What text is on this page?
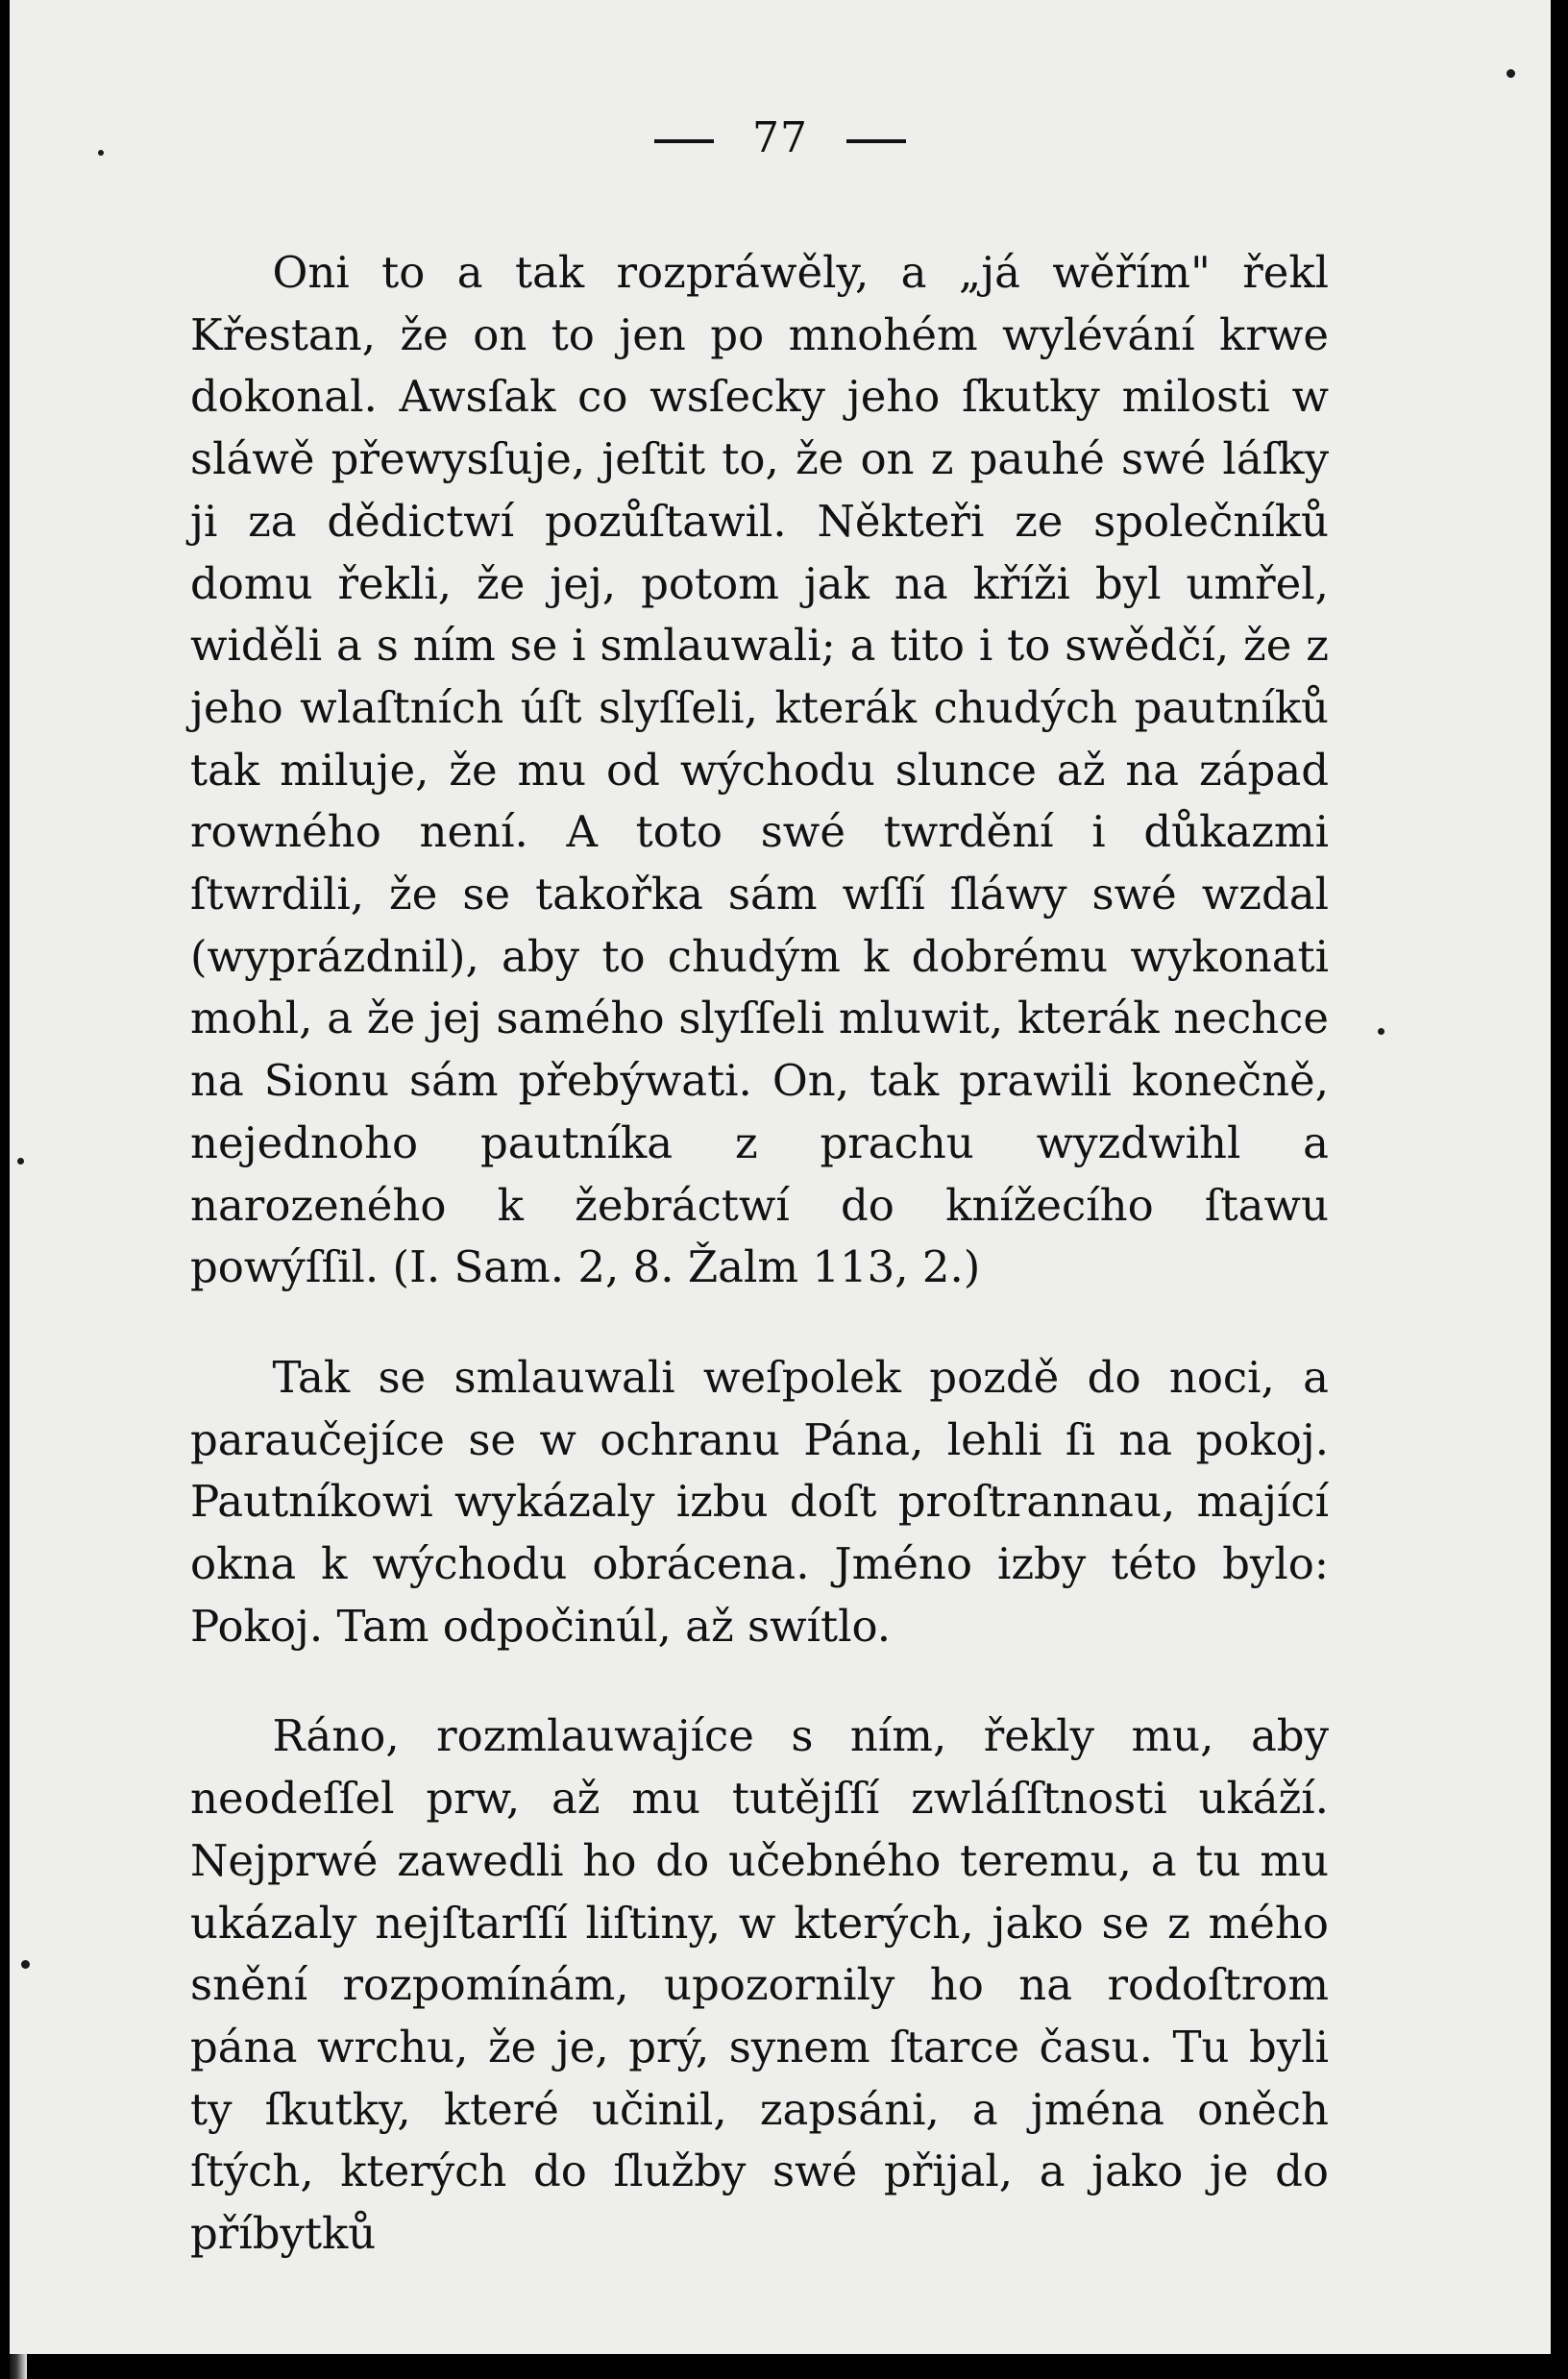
77

Oni to a tak rozpráwěly, a „já wěřím" řekl Křestan, že on to jen po mnohém wylévání krwe dokonal. Awsſak co wsſecky jeho ſkutky milosti w sláwě přewysſuje, jeſtit to, že on z pauhé swé láſky ji za dědictwí pozůſtawil. Někteři ze společníků domu řekli, že jej, potom jak na kříži byl umřel, widěli a s ním se i smlauwali; a tito i to swědčí, že z jeho wlaſtních úſt slyſſeli, kterák chudých pautníků tak miluje, že mu od wýchodu slunce až na západ rowného není. A toto swé twrdění i důkazmi ſtwrdili, že se takořka sám wſſí ſláwy swé wzdal (wyprázdnil), aby to chudým k dobrému wykonati mohl, a že jej samého slyſſeli mluwit, kterák nechce na Sionu sám přebýwati. On, tak prawili konečně, nejednoho pautníka z prachu wyzdwihl a narozeného k žebráctwí do knížecího ſtawu powýſſil. (I. Sam. 2, 8. Žalm 113, 2.)

Tak se smlauwali weſpolek pozdě do noci, a paraučejíce se w ochranu Pána, lehli ſi na pokoj. Pautníkowi wykázaly izbu doſt proſtrannau, mající okna k wýchodu obrácena. Jméno izby této bylo: Pokoj. Tam odpočinúl, až swítlo.

Ráno, rozmlauwajíce s ním, řekly mu, aby neodeſſel prw, až mu tutějſſí zwláſſtnosti ukáží. Nejprwé zawedli ho do učebného teremu, a tu mu ukázaly nejſtarſſí liſtiny, w kterých, jako se z mého snění rozpomínám, upozornily ho na rodoſtrom pána wrchu, že je, prý, synem ſtarce času. Tu byli ty ſkutky, které učinil, zapsáni, a jména oněch ſtých, kterých do ſlužby swé přijal, a jako je do příbytků
